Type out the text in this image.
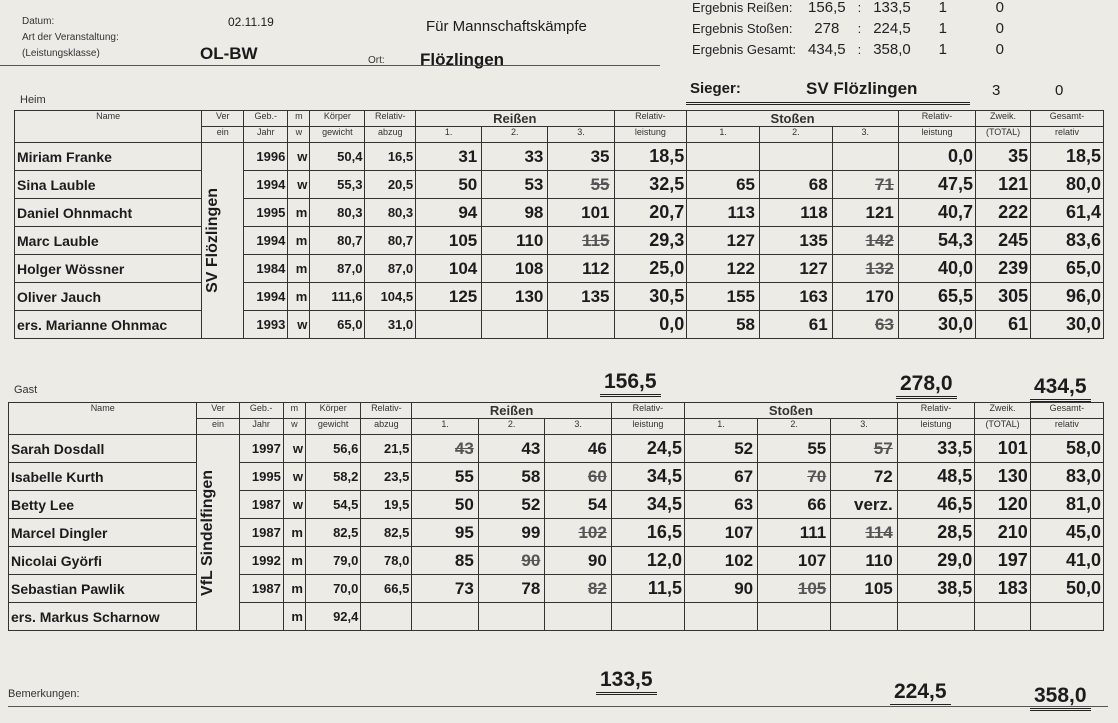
Datum:	02.11.19
Art der Veranstaltung:
(Leistungsklasse)	OL-BW	Ort: Flözlingen
Für Mannschaftskämpfe
Ergebnis Reißen:	156,5	:	133,5	1	0
Ergebnis Stoßen:	278	:	224,5	1	0
Ergebnis Gesamt:	434,5	:	358,0	1	0
Sieger:	SV Flözlingen	3	0
Heim
Name	Ver	Geb.-	m	Körper	Relativ-	Reißen			Relativ-	Stoßen			Relativ-	Zweik.	Gesamt-
	ein	Jahr	w	gewicht	abzug	1.	2.	3.	leistung	1.	2.	3.	leistung	(TOTAL)	relativ
Miriam Franke	SV Flözlingen	1996	w	50,4	16,5	31	33	35	18,5				0,0	35	18,5
Sina Lauble		1994	w	55,3	20,5	50	53	55	32,5	65	68	71	47,5	121	80,0
Daniel Ohnmacht		1995	m	80,3	80,3	94	98	101	20,7	113	118	121	40,7	222	61,4
Marc Lauble		1994	m	80,7	80,7	105	110	115	29,3	127	135	142	54,3	245	83,6
Holger Wössner		1984	m	87,0	87,0	104	108	112	25,0	122	127	132	40,0	239	65,0
Oliver Jauch		1994	m	111,6	104,5	125	130	135	30,5	155	163	170	65,5	305	96,0
ers. Marianne Ohnmac		1993	w	65,0	31,0				0,0	58	61	63	30,0	61	30,0
156,5	278,0	434,5
Gast
Name	Ver	Geb.-	m	Körper	Relativ-	Reißen			Relativ-	Stoßen			Relativ-	Zweik.	Gesamt-
	ein	Jahr	w	gewicht	abzug	1.	2.	3.	leistung	1.	2.	3.	leistung	(TOTAL)	relativ
Sarah Dosdall	VfL Sindelfingen	1997	w	56,6	21,5	43	43	46	24,5	52	55	57	33,5	101	58,0
Isabelle Kurth		1995	w	58,2	23,5	55	58	60	34,5	67	70	72	48,5	130	83,0
Betty Lee		1987	w	54,5	19,5	50	52	54	34,5	63	66	verz.	46,5	120	81,0
Marcel Dingler		1987	m	82,5	82,5	95	99	102	16,5	107	111	114	28,5	210	45,0
Nicolai Györfi		1992	m	79,0	78,0	85	90	90	12,0	102	107	110	29,0	197	41,0
Sebastian Pawlik		1987	m	70,0	66,5	73	78	82	11,5	90	105	105	38,5	183	50,0
ers. Markus Scharnow			m	92,4											
133,5
224,5	358,0
Bemerkungen:
